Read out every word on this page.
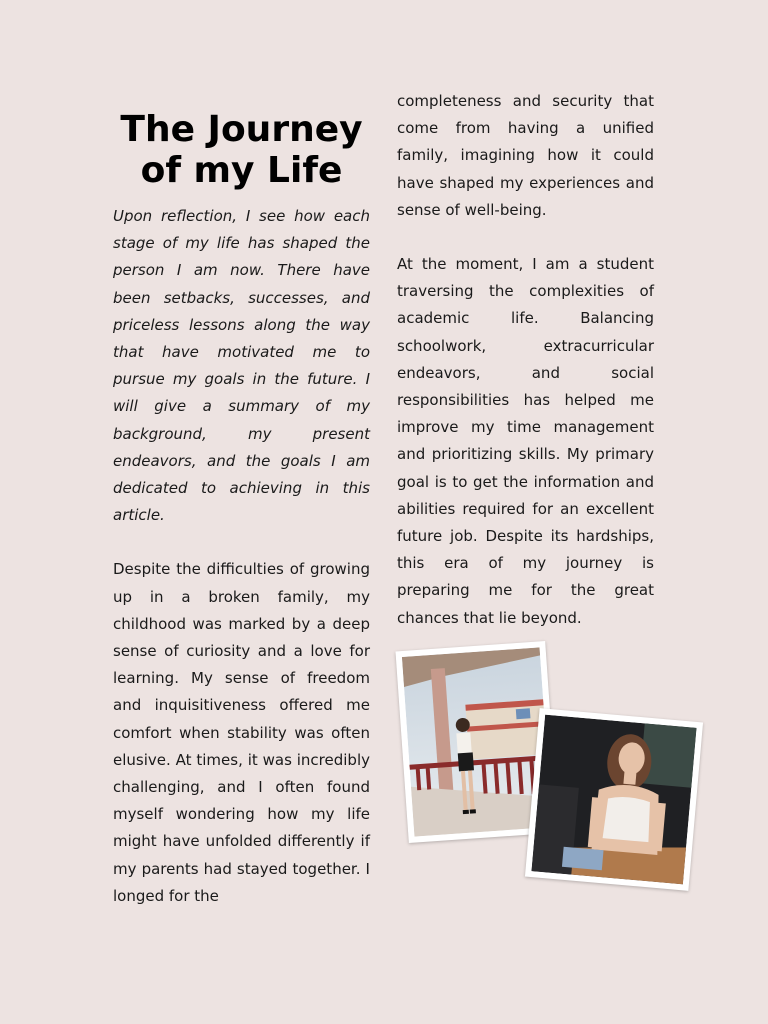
The Journey of my Life

Upon reflection, I see how each stage of my life has shaped the person I am now. There have been setbacks, successes, and priceless lessons along the way that have motivated me to pursue my goals in the future. I will give a summary of my background, my present endeavors, and the goals I am dedicated to achieving in this article.

Despite the difficulties of growing up in a broken family, my childhood was marked by a deep sense of curiosity and a love for learning. My sense of freedom and inquisitiveness offered me comfort when stability was often elusive. At times, it was incredibly challenging, and I often found myself wondering how my life might have unfolded differently if my parents had stayed together. I longed for the

completeness and security that come from having a unified family, imagining how it could have shaped my experiences and sense of well-being.

At the moment, I am a student traversing the complexities of academic life. Balancing schoolwork, extracurricular endeavors, and social responsibilities has helped me improve my time management and prioritizing skills. My primary goal is to get the information and abilities required for an excellent future job. Despite its hardships, this era of my journey is preparing me for the great chances that lie beyond.
